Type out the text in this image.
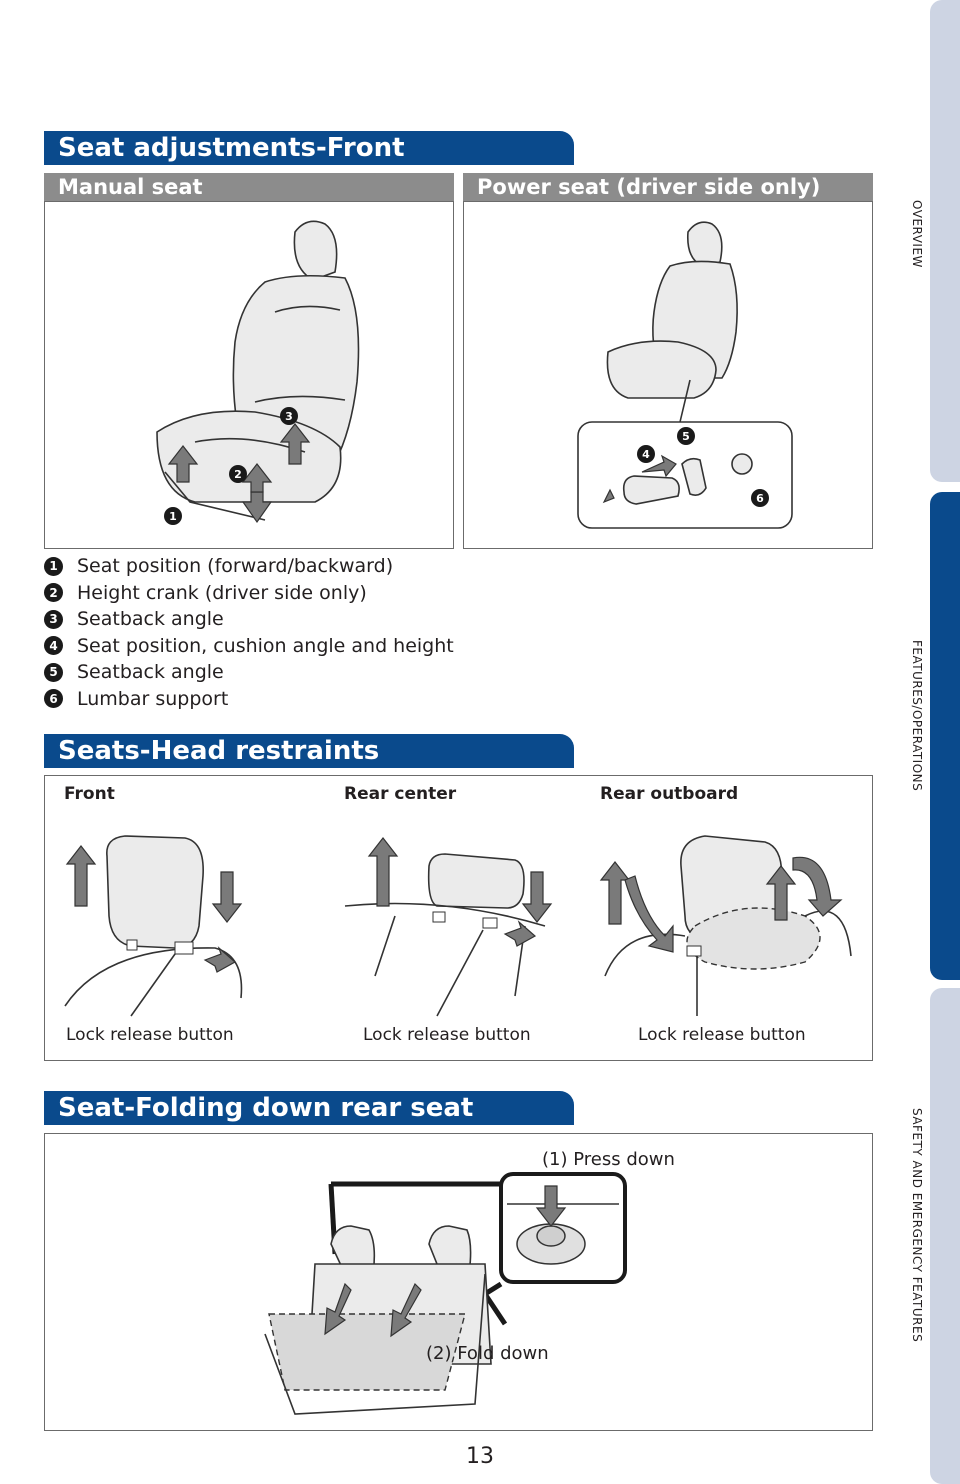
OVERVIEW
FEATURES/OPERATIONS
SAFETY AND EMERGENCY FEATURES
Seat adjustments-Front
Manual seat	Power seat (driver side only)
1
2
3
4
5
6
1 Seat position (forward/backward)
2 Height crank (driver side only)
3 Seatback angle
4 Seat position, cushion angle and height
5 Seatback angle
6 Lumbar support
Seats-Head restraints
Front	Rear center	Rear outboard
Lock release button	Lock release button	Lock release button
Seat-Folding down rear seat
(1) Press down
(2) Fold down
13
